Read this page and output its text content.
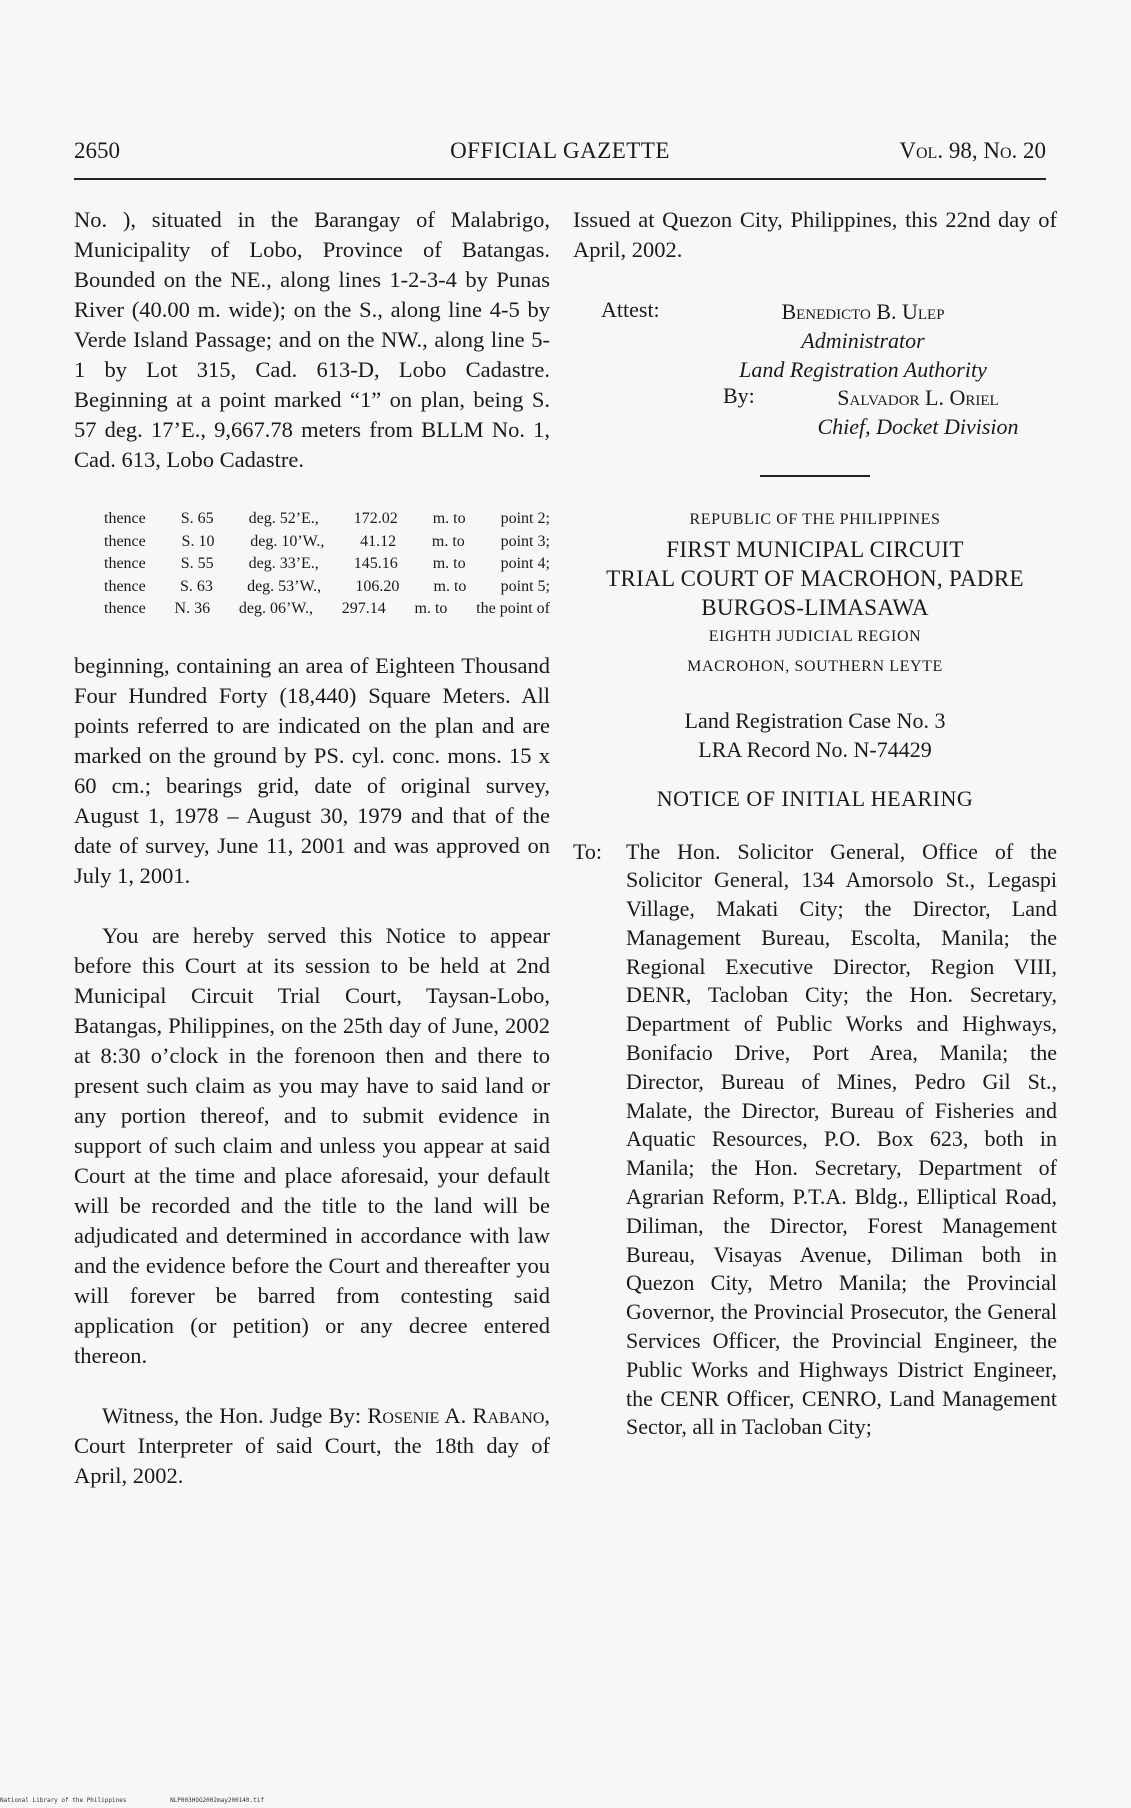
2650	OFFICIAL GAZETTE	Vol. 98, No. 20

No. ), situated in the Barangay of Malabrigo, Municipality of Lobo, Province of Batangas. Bounded on the NE., along lines 1-2-3-4 by Punas River (40.00 m. wide); on the S., along line 4-5 by Verde Island Passage; and on the NW., along line 5-1 by Lot 315, Cad. 613-D, Lobo Cadastre. Beginning at a point marked “1” on plan, being S. 57 deg. 17’E., 9,667.78 meters from BLLM No. 1, Cad. 613, Lobo Cadastre.

thence S. 65 deg. 52’E., 172.02 m. to point 2;
thence S. 10 deg. 10’W., 41.12 m. to point 3;
thence S. 55 deg. 33’E., 145.16 m. to point 4;
thence S. 63 deg. 53’W., 106.20 m. to point 5;
thence N. 36 deg. 06’W., 297.14 m. to the point of

beginning, containing an area of Eighteen Thousand Four Hundred Forty (18,440) Square Meters. All points referred to are indicated on the plan and are marked on the ground by PS. cyl. conc. mons. 15 x 60 cm.; bearings grid, date of original survey, August 1, 1978 – August 30, 1979 and that of the date of survey, June 11, 2001 and was approved on July 1, 2001.

You are hereby served this Notice to appear before this Court at its session to be held at 2nd Municipal Circuit Trial Court, Taysan-Lobo, Batangas, Philippines, on the 25th day of June, 2002 at 8:30 o’clock in the forenoon then and there to present such claim as you may have to said land or any portion thereof, and to submit evidence in support of such claim and unless you appear at said Court at the time and place aforesaid, your default will be recorded and the title to the land will be adjudicated and determined in accordance with law and the evidence before the Court and thereafter you will forever be barred from contesting said application (or petition) or any decree entered thereon.

Witness, the Hon. Judge By: Rosenie A. Rabano, Court Interpreter of said Court, the 18th day of April, 2002.

Issued at Quezon City, Philippines, this 22nd day of April, 2002.

Attest:	Benedicto B. Ulep
Administrator
Land Registration Authority
By:	Salvador L. Oriel
Chief, Docket Division
REPUBLIC OF THE PHILIPPINES
FIRST MUNICIPAL CIRCUIT
TRIAL COURT OF MACROHON, PADRE
BURGOS-LIMASAWA
EIGHTH JUDICIAL REGION
MACROHON, SOUTHERN LEYTE
Land Registration Case No. 3
LRA Record No. N-74429
NOTICE OF INITIAL HEARING
To: The Hon. Solicitor General, Office of the Solicitor General, 134 Amorsolo St., Legaspi Village, Makati City; the Director, Land Management Bureau, Escolta, Manila; the Regional Executive Director, Region VIII, DENR, Tacloban City; the Hon. Secretary, Department of Public Works and Highways, Bonifacio Drive, Port Area, Manila; the Director, Bureau of Mines, Pedro Gil St., Malate, the Director, Bureau of Fisheries and Aquatic Resources, P.O. Box 623, both in Manila; the Hon. Secretary, Department of Agrarian Reform, P.T.A. Bldg., Elliptical Road, Diliman, the Director, Forest Management Bureau, Visayas Avenue, Diliman both in Quezon City, Metro Manila; the Provincial Governor, the Provincial Prosecutor, the General Services Officer, the Provincial Engineer, the Public Works and Highways District Engineer, the CENR Officer, CENRO, Land Management Sector, all in Tacloban City;
National Library of the Philippines	NLP003HOG2002may200140.tif
